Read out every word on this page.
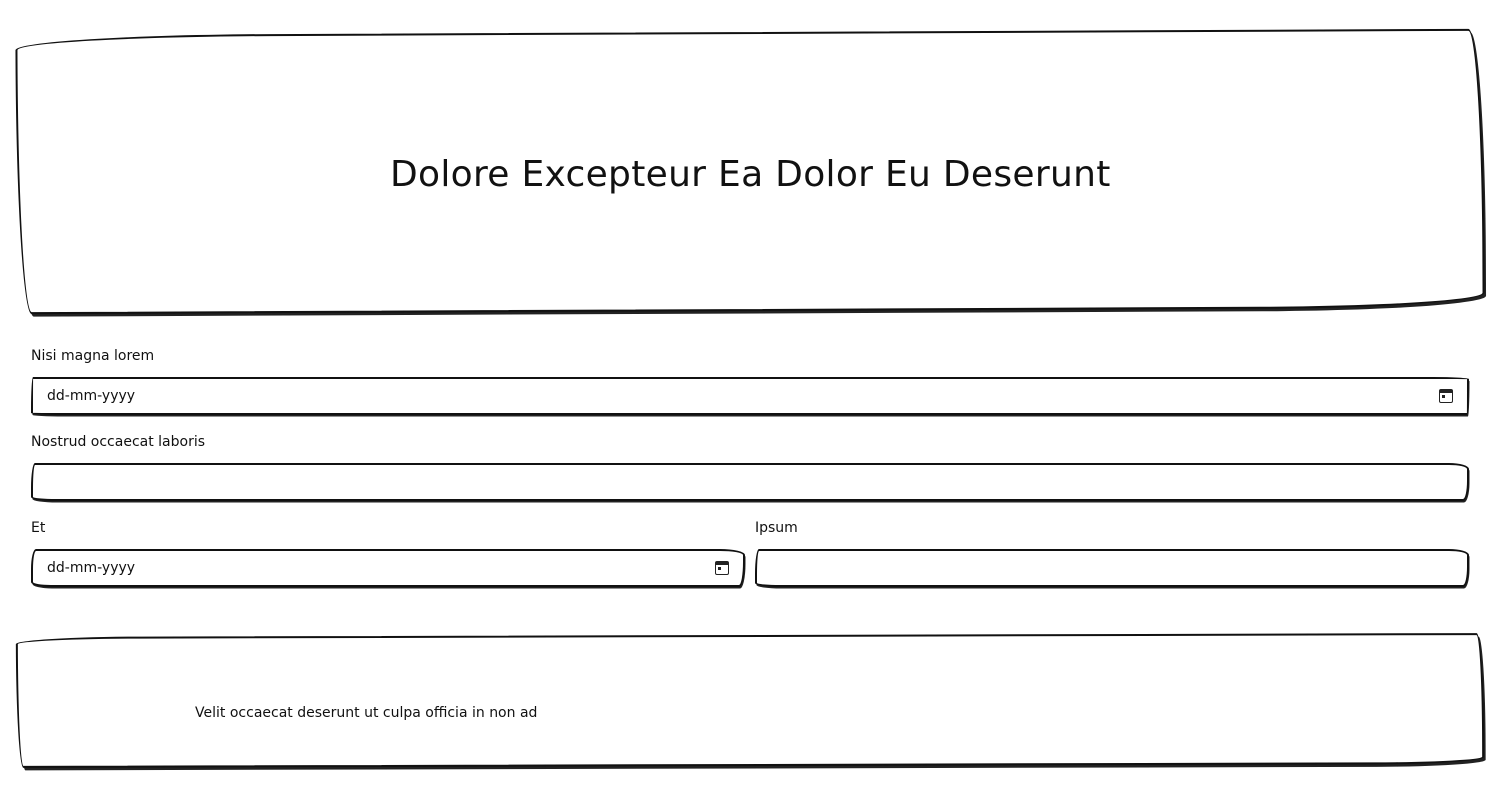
Dolore Excepteur Ea Dolor Eu Deserunt
Nisi magna lorem
dd-mm-yyyy
Nostrud occaecat laboris
Et
dd-mm-yyyy
Ipsum
Velit occaecat deserunt ut culpa officia in non ad
